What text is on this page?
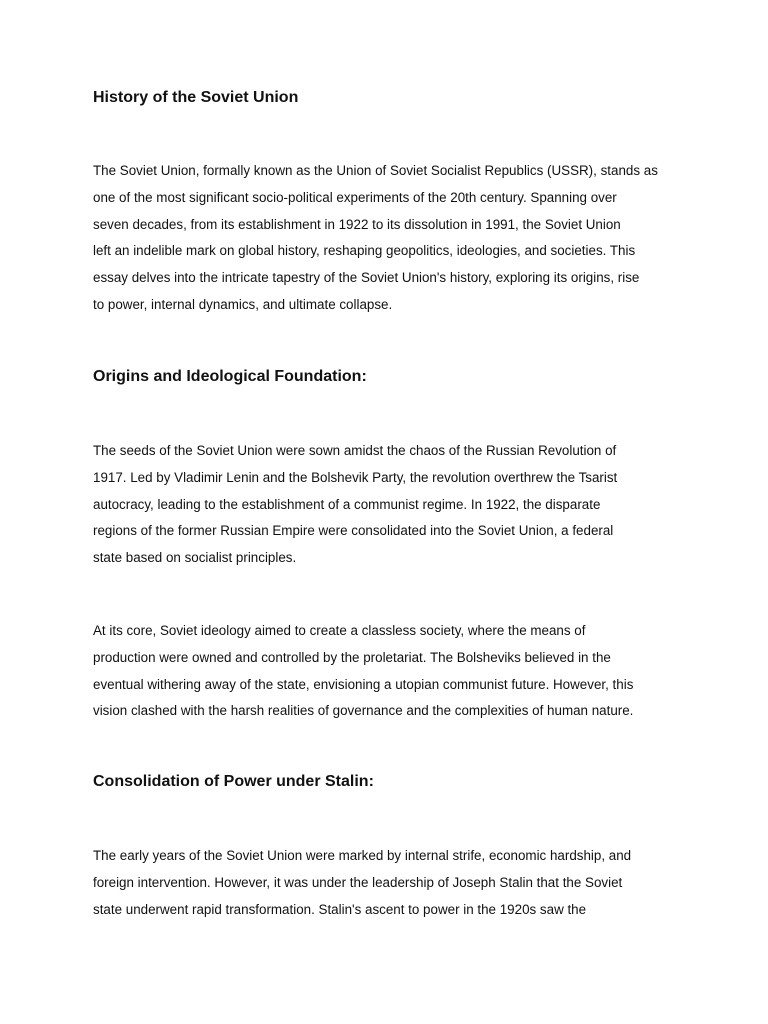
History of the Soviet Union

The Soviet Union, formally known as the Union of Soviet Socialist Republics (USSR), stands as
one of the most significant socio-political experiments of the 20th century. Spanning over
seven decades, from its establishment in 1922 to its dissolution in 1991, the Soviet Union
left an indelible mark on global history, reshaping geopolitics, ideologies, and societies. This
essay delves into the intricate tapestry of the Soviet Union's history, exploring its origins, rise
to power, internal dynamics, and ultimate collapse.

Origins and Ideological Foundation:

The seeds of the Soviet Union were sown amidst the chaos of the Russian Revolution of
1917. Led by Vladimir Lenin and the Bolshevik Party, the revolution overthrew the Tsarist
autocracy, leading to the establishment of a communist regime. In 1922, the disparate
regions of the former Russian Empire were consolidated into the Soviet Union, a federal
state based on socialist principles.

At its core, Soviet ideology aimed to create a classless society, where the means of
production were owned and controlled by the proletariat. The Bolsheviks believed in the
eventual withering away of the state, envisioning a utopian communist future. However, this
vision clashed with the harsh realities of governance and the complexities of human nature.

Consolidation of Power under Stalin:

The early years of the Soviet Union were marked by internal strife, economic hardship, and
foreign intervention. However, it was under the leadership of Joseph Stalin that the Soviet
state underwent rapid transformation. Stalin's ascent to power in the 1920s saw the
